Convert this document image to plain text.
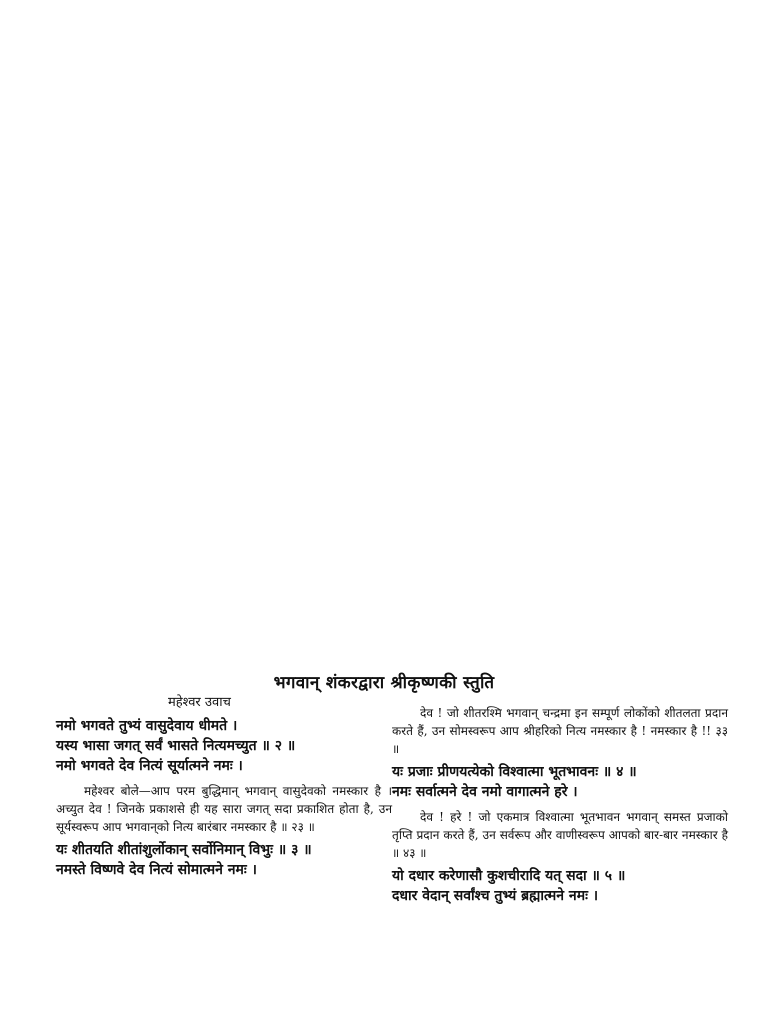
भगवान् शंकरद्वारा श्रीकृष्णकी स्तुति
महेश्वर उवाच

नमो भगवते तुभ्यं वासुदेवाय धीमते ।

यस्य भासा जगत् सर्वं भासते नित्यमच्युत ॥ २ ॥

नमो भगवते देव नित्यं सूर्यात्मने नमः ।

महेश्वर बोले—आप परम बुद्धिमान् भगवान् वासुदेवको नमस्कार है । अच्युत देव ! जिनके प्रकाशसे ही यह सारा जगत् सदा प्रकाशित होता है, उन सूर्यस्वरूप आप भगवान्‌को नित्य बारंबार नमस्कार है ॥ २३ ॥

यः शीतयति शीतांशुर्लोकान् सर्वोनिमान् विभुः ॥ ३ ॥

नमस्ते विष्णवे देव नित्यं सोमात्मने नमः ।

देव ! जो शीतरश्मि भगवान् चन्द्रमा इन सम्पूर्ण लोकोंको शीतलता प्रदान करते हैं, उन सोमस्वरूप आप श्रीहरिको नित्य नमस्कार है ! नमस्कार है !! ३३ ॥

यः प्रजाः प्रीणयत्येको विश्वात्मा भूतभावनः ॥ ४ ॥

नमः सर्वात्मने देव नमो वागात्मने हरे ।

देव ! हरे ! जो एकमात्र विश्वात्मा भूतभावन भगवान् समस्त प्रजाको तृप्ति प्रदान करते हैं, उन सर्वरूप और वाणीस्वरूप आपको बार-बार नमस्कार है ॥ ४३ ॥

यो दधार करेणासौ कुशचीरादि यत् सदा ॥ ५ ॥

दधार वेदान् सर्वांश्च तुभ्यं ब्रह्मात्मने नमः ।
